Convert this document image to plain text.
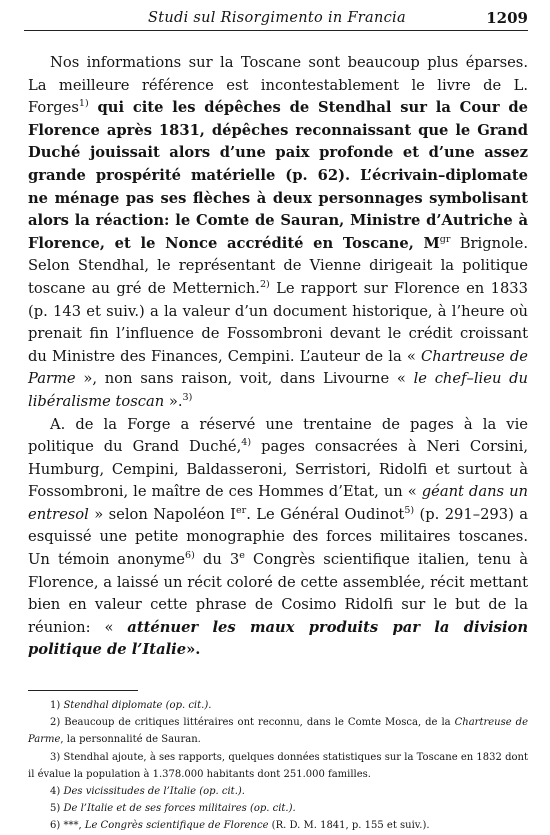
Studi sul Risorgimento in Francia	1209

Nos informations sur la Toscane sont beaucoup plus éparses. La meilleure référence est incontestablement le livre de L. Forges$^{1)}$ qui cite les dépêches de Stendhal sur la Cour de Florence après 1831, dépêches reconnaissant que le Grand Duché jouissait alors d’une paix profonde et d’une assez grande prospérité matérielle (p. 62). L’écrivain–diplomate ne ménage pas ses flèches à deux personnages symbolisant alors la réaction: le Comte de Sauran, Ministre d’Autriche à Florence, et le Nonce accrédité en Toscane, $M^{gr}$ Brignole. Selon Stendhal, le représentant de Vienne dirigeait la politique toscane au gré de Metternich.$^{2)}$ Le rapport sur Florence en 1833 (p. 143 et suiv.) a la valeur d’un document historique, à l’heure où prenait fin l’influence de Fossombroni devant le crédit croissant du Ministre des Finances, Cempini. L’auteur de la « Chartreuse de Parme », non sans raison, voit, dans Livourne « le chef–lieu du libéralisme toscan ».$^{3)}$

A. de la Forge a réservé une trentaine de pages à la vie politique du Grand Duché,$^{4)}$ pages consacrées à Neri Corsini, Humburg, Cempini, Baldasseroni, Serristori, Ridolfi et surtout à Fossombroni, le maître de ces Hommes d’Etat, un « géant dans un entresol » selon Napoléon Ier. Le Général Oudinot$^{5)}$ (p. 291–293) a esquissé une petite monographie des forces militaires toscanes. Un témoin anonyme$^{6)}$ du 3e Congrès scientifique italien, tenu à Florence, a laissé un récit coloré de cette assemblée, récit mettant bien en valeur cette phrase de Cosimo Ridolfi sur le but de la réunion: « atténuer les maux produits par la division politique de l’Italie».

1) Stendhal diplomate (op. cit.).

2) Beaucoup de critiques littéraires ont reconnu, dans le Comte Mosca, de la Chartreuse de Parme, la personnalité de Sauran.

3) Stendhal ajoute, à ses rapports, quelques données statistiques sur la Toscane en 1832 dont il évalue la population à 1.378.000 habitants dont 251.000 familles.

4) Des vicissitudes de l’Italie (op. cit.).

5) De l’Italie et de ses forces militaires (op. cit.).

6) ***, Le Congrès scientifique de Florence (R. D. M. 1841, p. 155 et suiv.).
